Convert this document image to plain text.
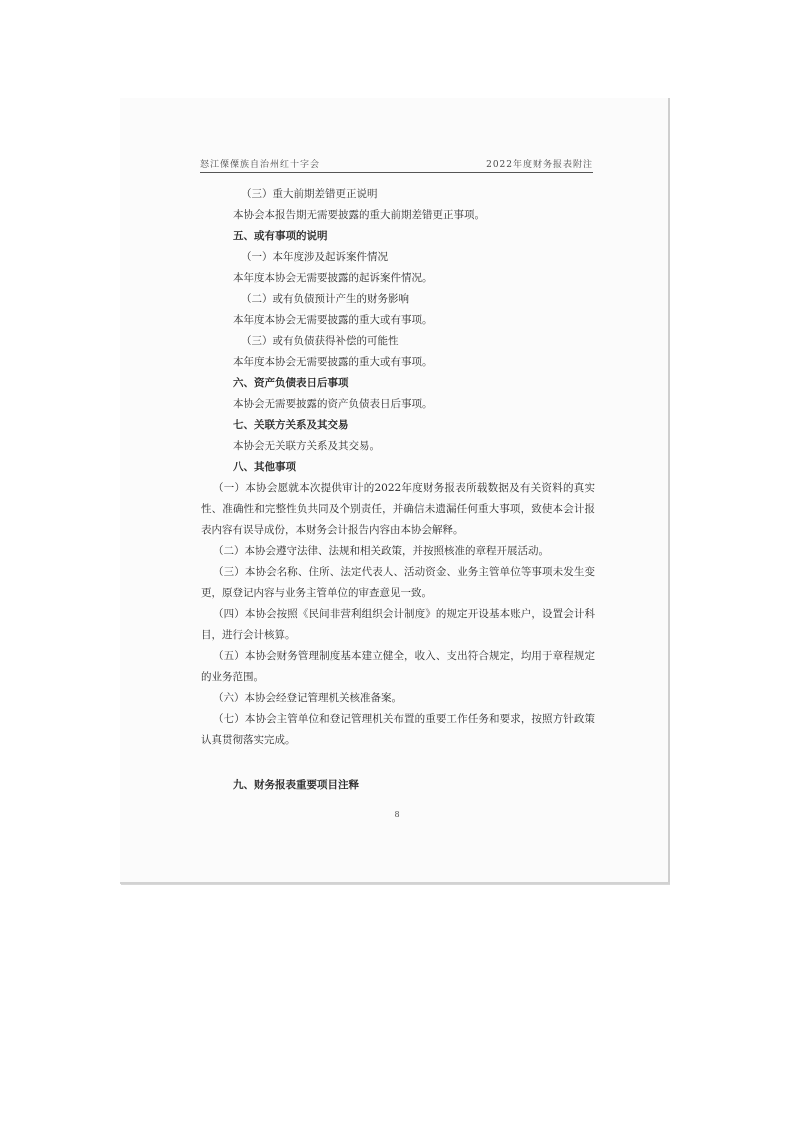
怒江傈僳族自治州红十字会	2022年度财务报表附注

（三）重大前期差错更正说明

本协会本报告期无需要披露的重大前期差错更正事项。

五、或有事项的说明

（一）本年度涉及起诉案件情况

本年度本协会无需要披露的起诉案件情况。

（二）或有负债预计产生的财务影响

本年度本协会无需要披露的重大或有事项。

（三）或有负债获得补偿的可能性

本年度本协会无需要披露的重大或有事项。

六、资产负债表日后事项

本协会无需要披露的资产负债表日后事项。

七、关联方关系及其交易

本协会无关联方关系及其交易。

八、其他事项

（一）本协会愿就本次提供审计的2022年度财务报表所载数据及有关资料的真实性、准确性和完整性负共同及个别责任，并确信未遗漏任何重大事项，致使本会计报表内容有误导成份，本财务会计报告内容由本协会解释。

（二）本协会遵守法律、法规和相关政策，并按照核准的章程开展活动。

（三）本协会名称、住所、法定代表人、活动资金、业务主管单位等事项未发生变更，原登记内容与业务主管单位的审查意见一致。

（四）本协会按照《民间非营利组织会计制度》的规定开设基本账户，设置会计科目，进行会计核算。

（五）本协会财务管理制度基本建立健全，收入、支出符合规定，均用于章程规定的业务范围。

（六）本协会经登记管理机关核准备案。

（七）本协会主管单位和登记管理机关布置的重要工作任务和要求，按照方针政策认真贯彻落实完成。

九、财务报表重要项目注释

8
